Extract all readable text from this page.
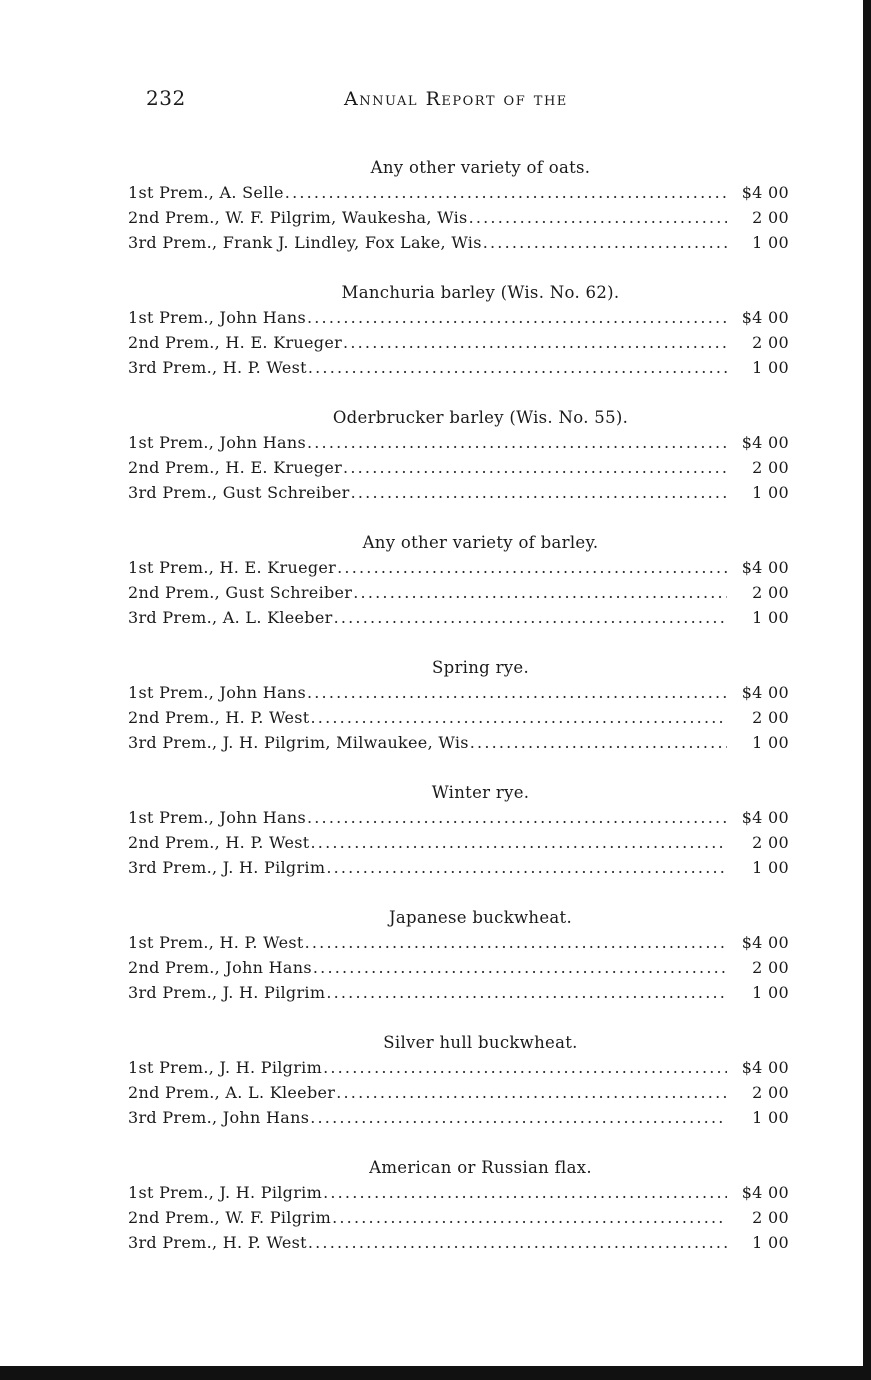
232	Annual Report of the
Any other variety of oats.
1st Prem., A. Selle .....	$4 00
2nd Prem., W. F. Pilgrim, Waukesha, Wis .....	2 00
3rd Prem., Frank J. Lindley, Fox Lake, Wis .....	1 00
Manchuria barley (Wis. No. 62).
1st Prem., John Hans .....	$4 00
2nd Prem., H. E. Krueger .....	2 00
3rd Prem., H. P. West .....	1 00
Oderbrucker barley (Wis. No. 55).
1st Prem., John Hans .....	$4 00
2nd Prem., H. E. Krueger .....	2 00
3rd Prem., Gust Schreiber .....	1 00
Any other variety of barley.
1st Prem., H. E. Krueger .....	$4 00
2nd Prem., Gust Schreiber .....	2 00
3rd Prem., A. L. Kleeber .....	1 00
Spring rye.
1st Prem., John Hans .....	$4 00
2nd Prem., H. P. West .....	2 00
3rd Prem., J. H. Pilgrim, Milwaukee, Wis .....	1 00
Winter rye.
1st Prem., John Hans .....	$4 00
2nd Prem., H. P. West .....	2 00
3rd Prem., J. H. Pilgrim .....	1 00
Japanese buckwheat.
1st Prem., H. P. West .....	$4 00
2nd Prem., John Hans .....	2 00
3rd Prem., J. H. Pilgrim .....	1 00
Silver hull buckwheat.
1st Prem., J. H. Pilgrim .....	$4 00
2nd Prem., A. L. Kleeber .....	2 00
3rd Prem., John Hans .....	1 00
American or Russian flax.
1st Prem., J. H. Pilgrim .....	$4 00
2nd Prem., W. F. Pilgrim .....	2 00
3rd Prem., H. P. West .....	1 00
